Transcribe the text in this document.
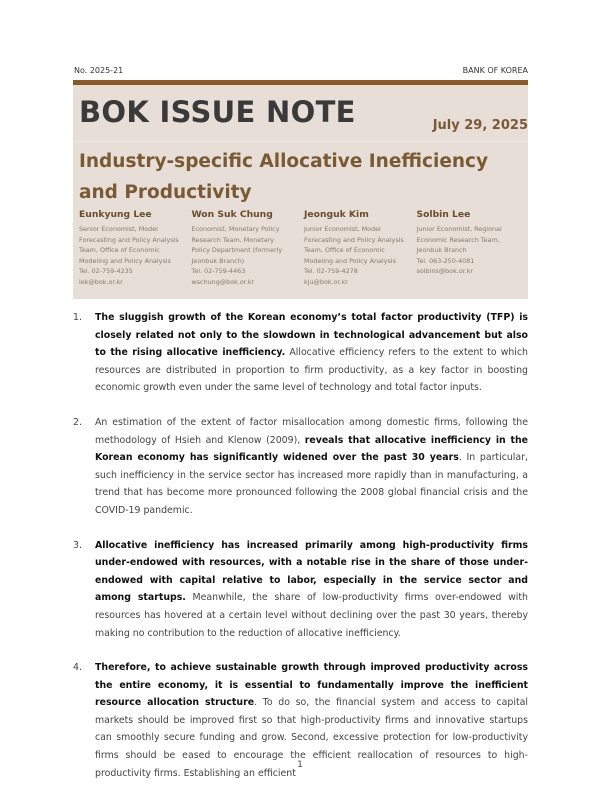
No. 2025-21	BANK OF KOREA
BOK ISSUE NOTE	July 29, 2025
Industry-specific Allocative Inefficiency and Productivity
Eunkyung Lee
Senior Economist, Model
Forecasting and Policy Analysis
Team, Office of Economic
Modeling and Policy Analysis
Tel. 02-759-4235
lek@bok.or.kr
Won Suk Chung
Economist, Monetary Policy
Research Team, Monetary
Policy Department (formerly
Jeonbuk Branch)
Tel. 02-759-4463
wschung@bok.or.kr
Jeonguk Kim
Junior Economist, Model
Forecasting and Policy Analysis
Team, Office of Economic
Modeling and Policy Analysis
Tel. 02-759-4278
kju@bok.or.kr
Solbin Lee
Junior Economist, Regional
Economic Research Team,
Jeonbuk Branch
Tel. 063-250-4081
solbins@bok.or.kr
1. The sluggish growth of the Korean economy’s total factor productivity (TFP) is closely related not only to the slowdown in technological advancement but also to the rising allocative inefficiency. Allocative efficiency refers to the extent to which resources are distributed in proportion to firm productivity, as a key factor in boosting economic growth even under the same level of technology and total factor inputs.
2. An estimation of the extent of factor misallocation among domestic firms, following the methodology of Hsieh and Klenow (2009), reveals that allocative inefficiency in the Korean economy has significantly widened over the past 30 years. In particular, such inefficiency in the service sector has increased more rapidly than in manufacturing, a trend that has become more pronounced following the 2008 global financial crisis and the COVID-19 pandemic.
3. Allocative inefficiency has increased primarily among high-productivity firms under-endowed with resources, with a notable rise in the share of those under-endowed with capital relative to labor, especially in the service sector and among startups. Meanwhile, the share of low-productivity firms over-endowed with resources has hovered at a certain level without declining over the past 30 years, thereby making no contribution to the reduction of allocative inefficiency.
4. Therefore, to achieve sustainable growth through improved productivity across the entire economy, it is essential to fundamentally improve the inefficient resource allocation structure. To do so, the financial system and access to capital markets should be improved first so that high-productivity firms and innovative startups can smoothly secure funding and grow. Second, excessive protection for low-productivity firms should be eased to encourage the efficient reallocation of resources to high-productivity firms. Establishing an efficient
1
